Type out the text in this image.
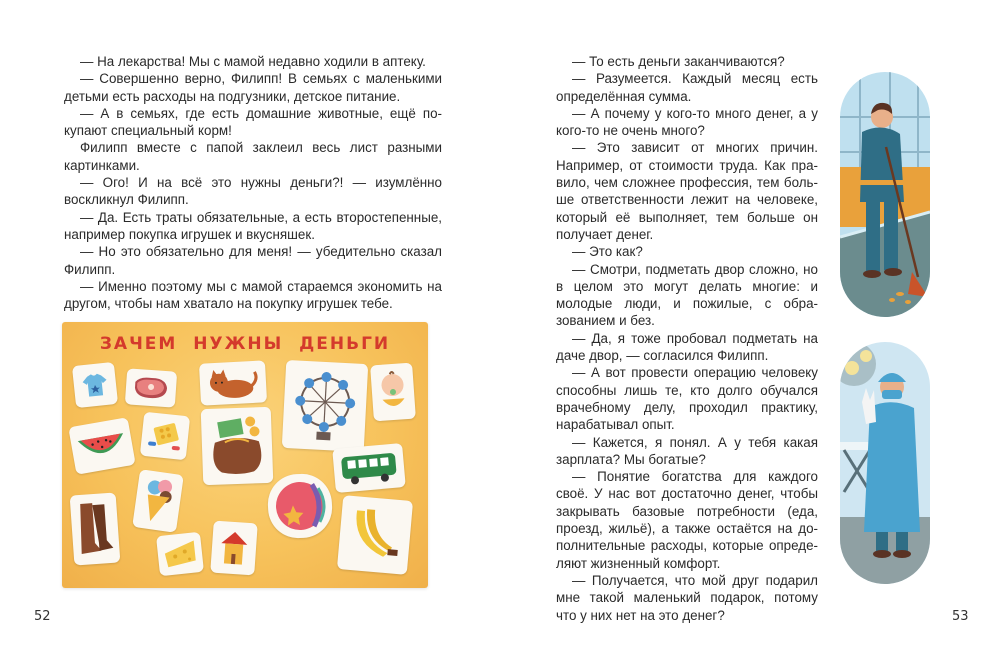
— На лекарства! Мы с мамой недавно ходили в аптеку.

— Совершенно верно, Филипп! В семьях с маленькими детьми есть расходы на подгузники, детское питание.

— А в семьях, где есть домашние животные, ещё покупают специальный корм!

Филипп вместе с папой заклеил весь лист разными картинками.

— Ого! И на всё это нужны деньги?! — изумлённо воскликнул Филипп.

— Да. Есть траты обязательные, а есть второстепенные, например покупка игрушек и вкусняшек.

— Но это обязательно для меня! — убедительно сказал Филипп.

— Именно поэтому мы с мамой стараемся экономить на другом, чтобы нам хватало на покупку игрушек тебе.

ЗАЧЕМ НУЖНЫ ДЕНЬГИ
52

— То есть деньги заканчиваются?

— Разумеется. Каждый месяц есть определённая сумма.

— А почему у кого-то много денег, а у кого-то не очень много?

— Это зависит от многих причин. Например, от стоимости труда. Как правило, чем сложнее профессия, тем больше ответственности лежит на человеке, который её выполняет, тем больше он получает денег.

— Это как?

— Смотри, подметать двор сложно, но в целом это могут делать многие: и молодые люди, и пожилые, с образованием и без.

— Да, я тоже пробовал подметать на даче двор, — согласился Филипп.

— А вот провести операцию человеку способны лишь те, кто долго обучался врачебному делу, проходил практику, нарабатывал опыт.

— Кажется, я понял. А у тебя какая зарплата? Мы богатые?

— Понятие богатства для каждого своё. У нас вот достаточно денег, чтобы закрывать базовые потребности (еда, проезд, жильё), а также остаётся на дополнительные расходы, которые определяют жизненный комфорт.

— Получается, что мой друг подарил мне такой маленький подарок, потому что у них нет на это денег?	53
